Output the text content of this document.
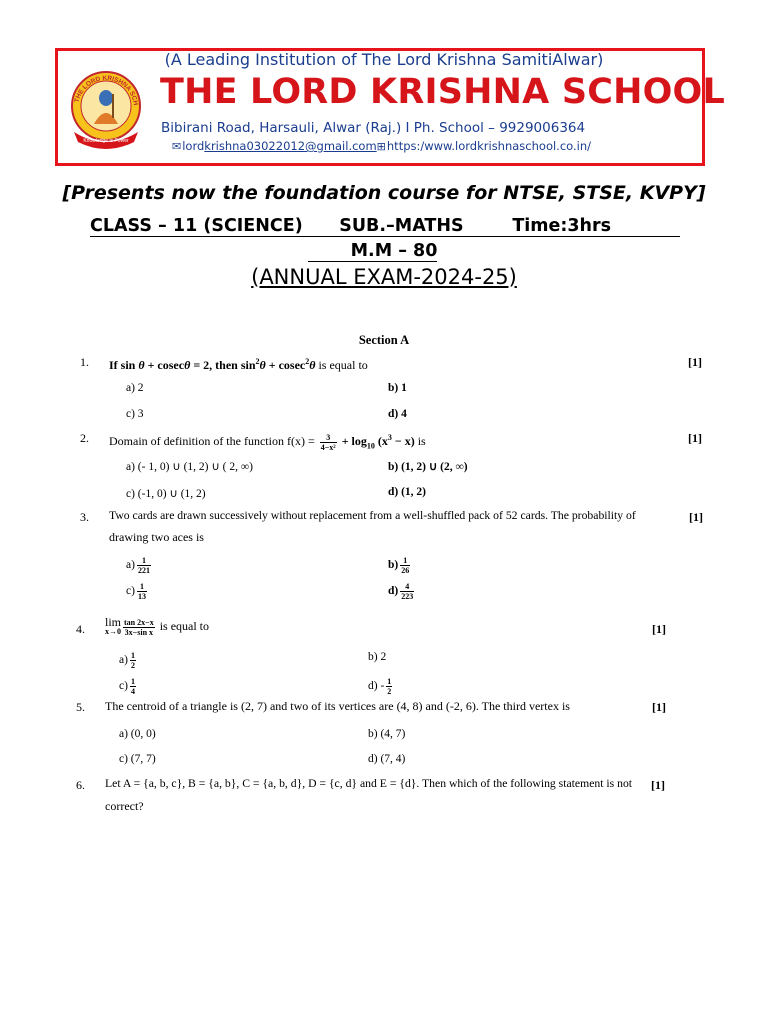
(A Leading Institution of The Lord Krishna SamitiAlwar)
THE LORD KRISHNA SCH
Knowledge is Power
THE LORD KRISHNA SCHOOL
Bibirani Road, Harsauli, Alwar (Raj.) I Ph. School – 9929006364
✉lordkrishna03022012@gmail.com⊞https:/www.lordkrishnaschool.co.in/
[Presents now the foundation course for NTSE, STSE, KVPY]
CLASS – 11 (SCIENCE)      SUB.–MATHS        Time:3hrs
M.M – 80
(ANNUAL EXAM-2024-25)
Section A
1. If sin θ + cosecθ = 2, then $\sin^2\theta + cosec^2\theta$ is equal to	[1]
a) 2	b) 1
c) 3	d) 4
2. Domain of definition of the function $f(x) = \frac{3}{\text{4−x²}} + \log_{10} (x^3 - x)$ is	[1]
a) (- 1, 0) ∪ (1, 2) ∪ ( 2, ∞)	b) (1, 2) ∪ (2, ∞)
c) (-1, 0) ∪ (1, 2)	d) (1, 2)
3. Two cards are drawn successively without replacement from a well-shuffled pack of 52 cards. The probability of
drawing two aces is
[1]
$a) \frac{1}{221}$	$b) \frac{1}{26}$
$c) \frac{1}{13}$	$d) \frac{4}{223}$
4. lim
$x\to 0 \frac{\tan 2x-x}{\text{3x−sin x}}$ is equal to	[1]
$a) \frac{1}{2}$	b) 2
$c) \frac{1}{4}$	$d) - \frac{1}{2}$
5. The centroid of a triangle is (2, 7) and two of its vertices are (4, 8) and (-2, 6). The third vertex is	[1]
a) (0, 0)	b) (4, 7)
c) (7, 7)	d) (7, 4)
6. Let A = {a, b, c}, B = {a, b}, C = {a, b, d}, D = {c, d} and E = {d}. Then which of the following statement is not
correct?
[1]
